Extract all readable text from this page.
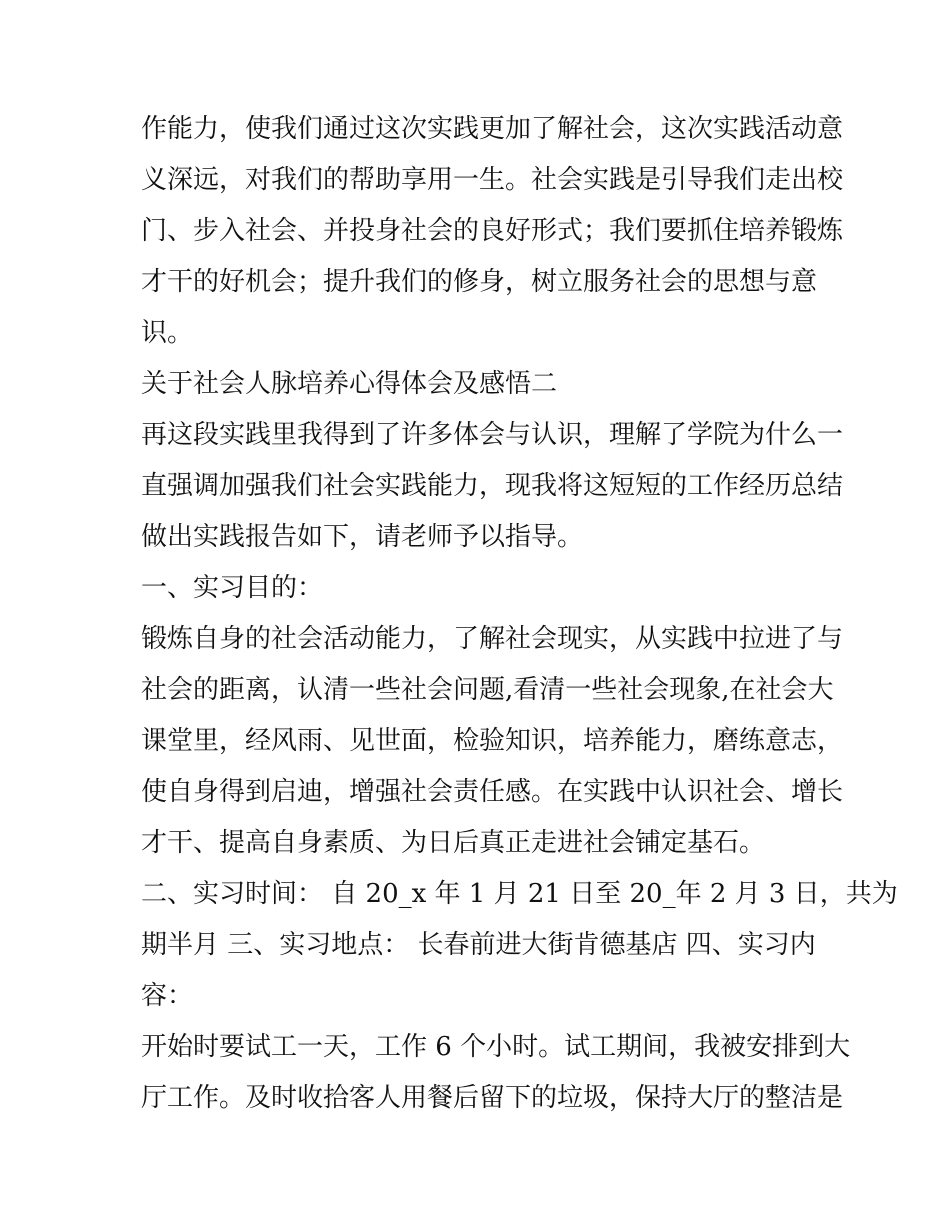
作能力，使我们通过这次实践更加了解社会，这次实践活动意
义深远，对我们的帮助享用一生。社会实践是引导我们走出校
门、步入社会、并投身社会的良好形式；我们要抓住培养锻炼
才干的好机会；提升我们的修身，树立服务社会的思想与意
识。
关于社会人脉培养心得体会及感悟二
再这段实践里我得到了许多体会与认识，理解了学院为什么一
直强调加强我们社会实践能力，现我将这短短的工作经历总结
做出实践报告如下，请老师予以指导。
一、实习目的：
锻炼自身的社会活动能力，了解社会现实，从实践中拉进了与
社会的距离，认清一些社会问题,看清一些社会现象,在社会大
课堂里，经风雨、见世面，检验知识，培养能力，磨练意志，
使自身得到启迪，增强社会责任感。在实践中认识社会、增长
才干、提高自身素质、为日后真正走进社会铺定基石。
二、实习时间： 自 20_x 年 1 月 21 日至 20_年 2 月 3 日，共为
期半月 三、实习地点： 长春前进大街肯德基店 四、实习内
容：
开始时要试工一天，工作 6 个小时。试工期间，我被安排到大
厅工作。及时收拾客人用餐后留下的垃圾，保持大厅的整洁是
